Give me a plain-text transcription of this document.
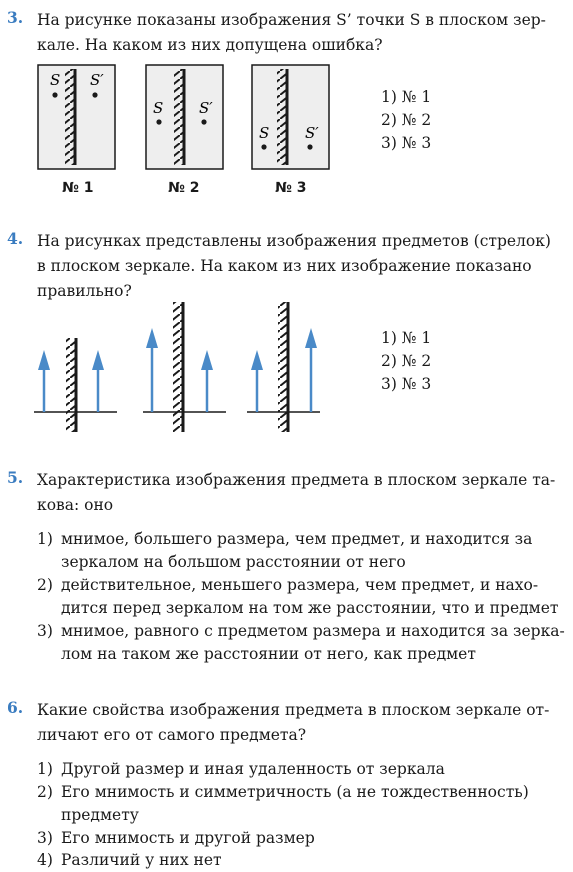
3. На рисунке показаны изображения S’ точки S в плоском зер-
кале. На каком из них допущена ошибка?
S S′
S S′
S S′
№ 1	№ 2	№ 3
1) № 1
2) № 2
3) № 3
4. На рисунках представлены изображения предметов (стрелок)
в плоском зеркале. На каком из них изображение показано
правильно?
1) № 1
2) № 2
3) № 3
5. Характеристика изображения предмета в плоском зеркале та-
кова: оно
1) мнимое, большего размера, чем предмет, и находится за
зеркалом на большом расстоянии от него
2) действительное, меньшего размера, чем предмет, и нахо-
дится перед зеркалом на том же расстоянии, что и предмет
3) мнимое, равного с предметом размера и находится за зерка-
лом на таком же расстоянии от него, как предмет
6. Какие свойства изображения предмета в плоском зеркале от-
личают его от самого предмета?
1) Другой размер и иная удаленность от зеркала
2) Его мнимость и симметричность (а не тождественность)
предмету
3) Его мнимость и другой размер
4) Различий у них нет
